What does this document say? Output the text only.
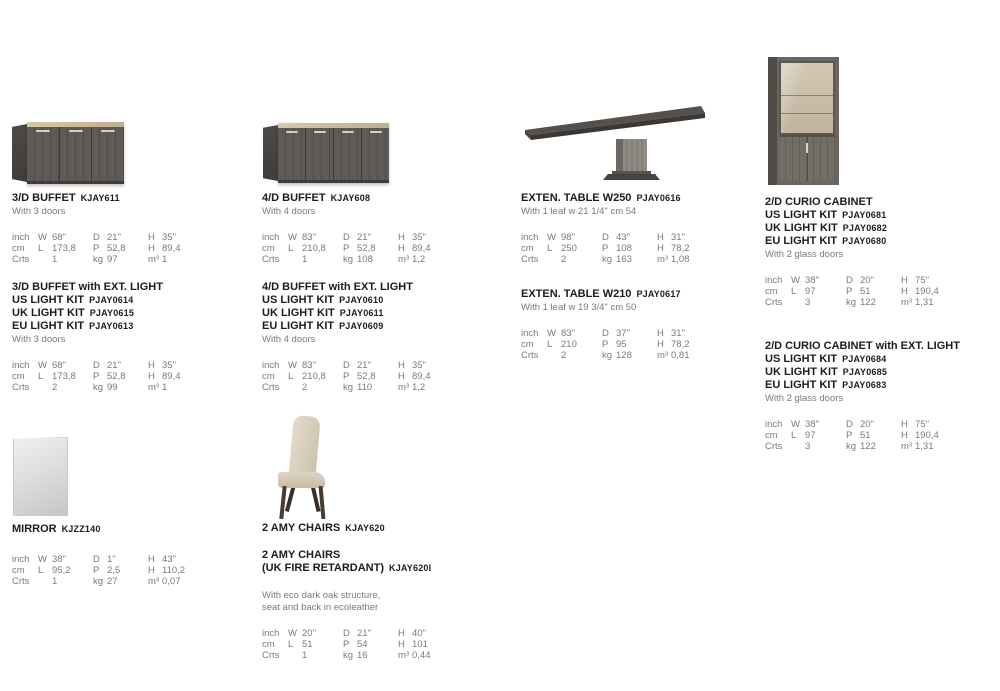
3/D BUFFET KJAY611
With 3 doors
inch W 68"	D 21"	H 35"
cm	L 173,8 P 52,8 H 89,4
Crts	1	kg 97	m³ 1
3/D BUFFET with EXT. LIGHT
US LIGHT KIT PJAY0614
UK LIGHT KIT PJAY0615
EU LIGHT KIT PJAY0613
With 3 doors
inch W 68"	D 21"	H 35"
cm	L 173,8 P 52,8 H 89,4
Crts	2	kg 99	m³ 1
MIRROR KJZZ140
inch W 38"	D 1"	H 43"
cm	L 95,2 P 2,5	H 110,2
Crts	1	kg 27	m³ 0,07
4/D BUFFET KJAY608
With 4 doors
inch W 83"	D 21"	H 35"
cm	L 210,8 P 52,8 H 89,4
Crts	1	kg 108	m³ 1,2
4/D BUFFET with EXT. LIGHT
US LIGHT KIT PJAY0610
UK LIGHT KIT PJAY0611
EU LIGHT KIT PJAY0609
With 4 doors
inch W 83"	D 21"	H 35"
cm	L 210,8 P 52,8 H 89,4
Crts	2	kg 110	m³ 1,2
2 AMY CHAIRS KJAY620
2 AMY CHAIRS
(UK FIRE RETARDANT) KJAY620I
With eco dark oak structure,
seat and back in ecoleather
inch W 20"	D 21"	H 40"
cm	L 51	P 54	H 101
Crts	1	kg 16	m³ 0,44
EXTEN. TABLE W250 PJAY0616
With 1 leaf w 21 1/4" cm 54
inch W 98"	D 43"	H 31"
cm	L 250	P 108	H 78,2
Crts	2	kg 163	m³ 1,08
EXTEN. TABLE W210 PJAY0617
With 1 leaf w 19 3/4" cm 50
inch W 83"	D 37"	H 31"
cm	L 210	P 95	H 78,2
Crts	2	kg 128	m³ 0,81
2/D CURIO CABINET
US LIGHT KIT PJAY0681
UK LIGHT KIT PJAY0682
EU LIGHT KIT PJAY0680
With 2 glass doors
inch W 38"	D 20"	H 75"
cm	L 97	P 51	H 190,4
Crts	3	kg 122	m³ 1,31
2/D CURIO CABINET with EXT. LIGHT
US LIGHT KIT PJAY0684
UK LIGHT KIT PJAY0685
EU LIGHT KIT PJAY0683
With 2 glass doors
inch W 38"	D 20"	H 75"
cm	L 97	P 51	H 190,4
Crts	3	kg 122	m³ 1,31
